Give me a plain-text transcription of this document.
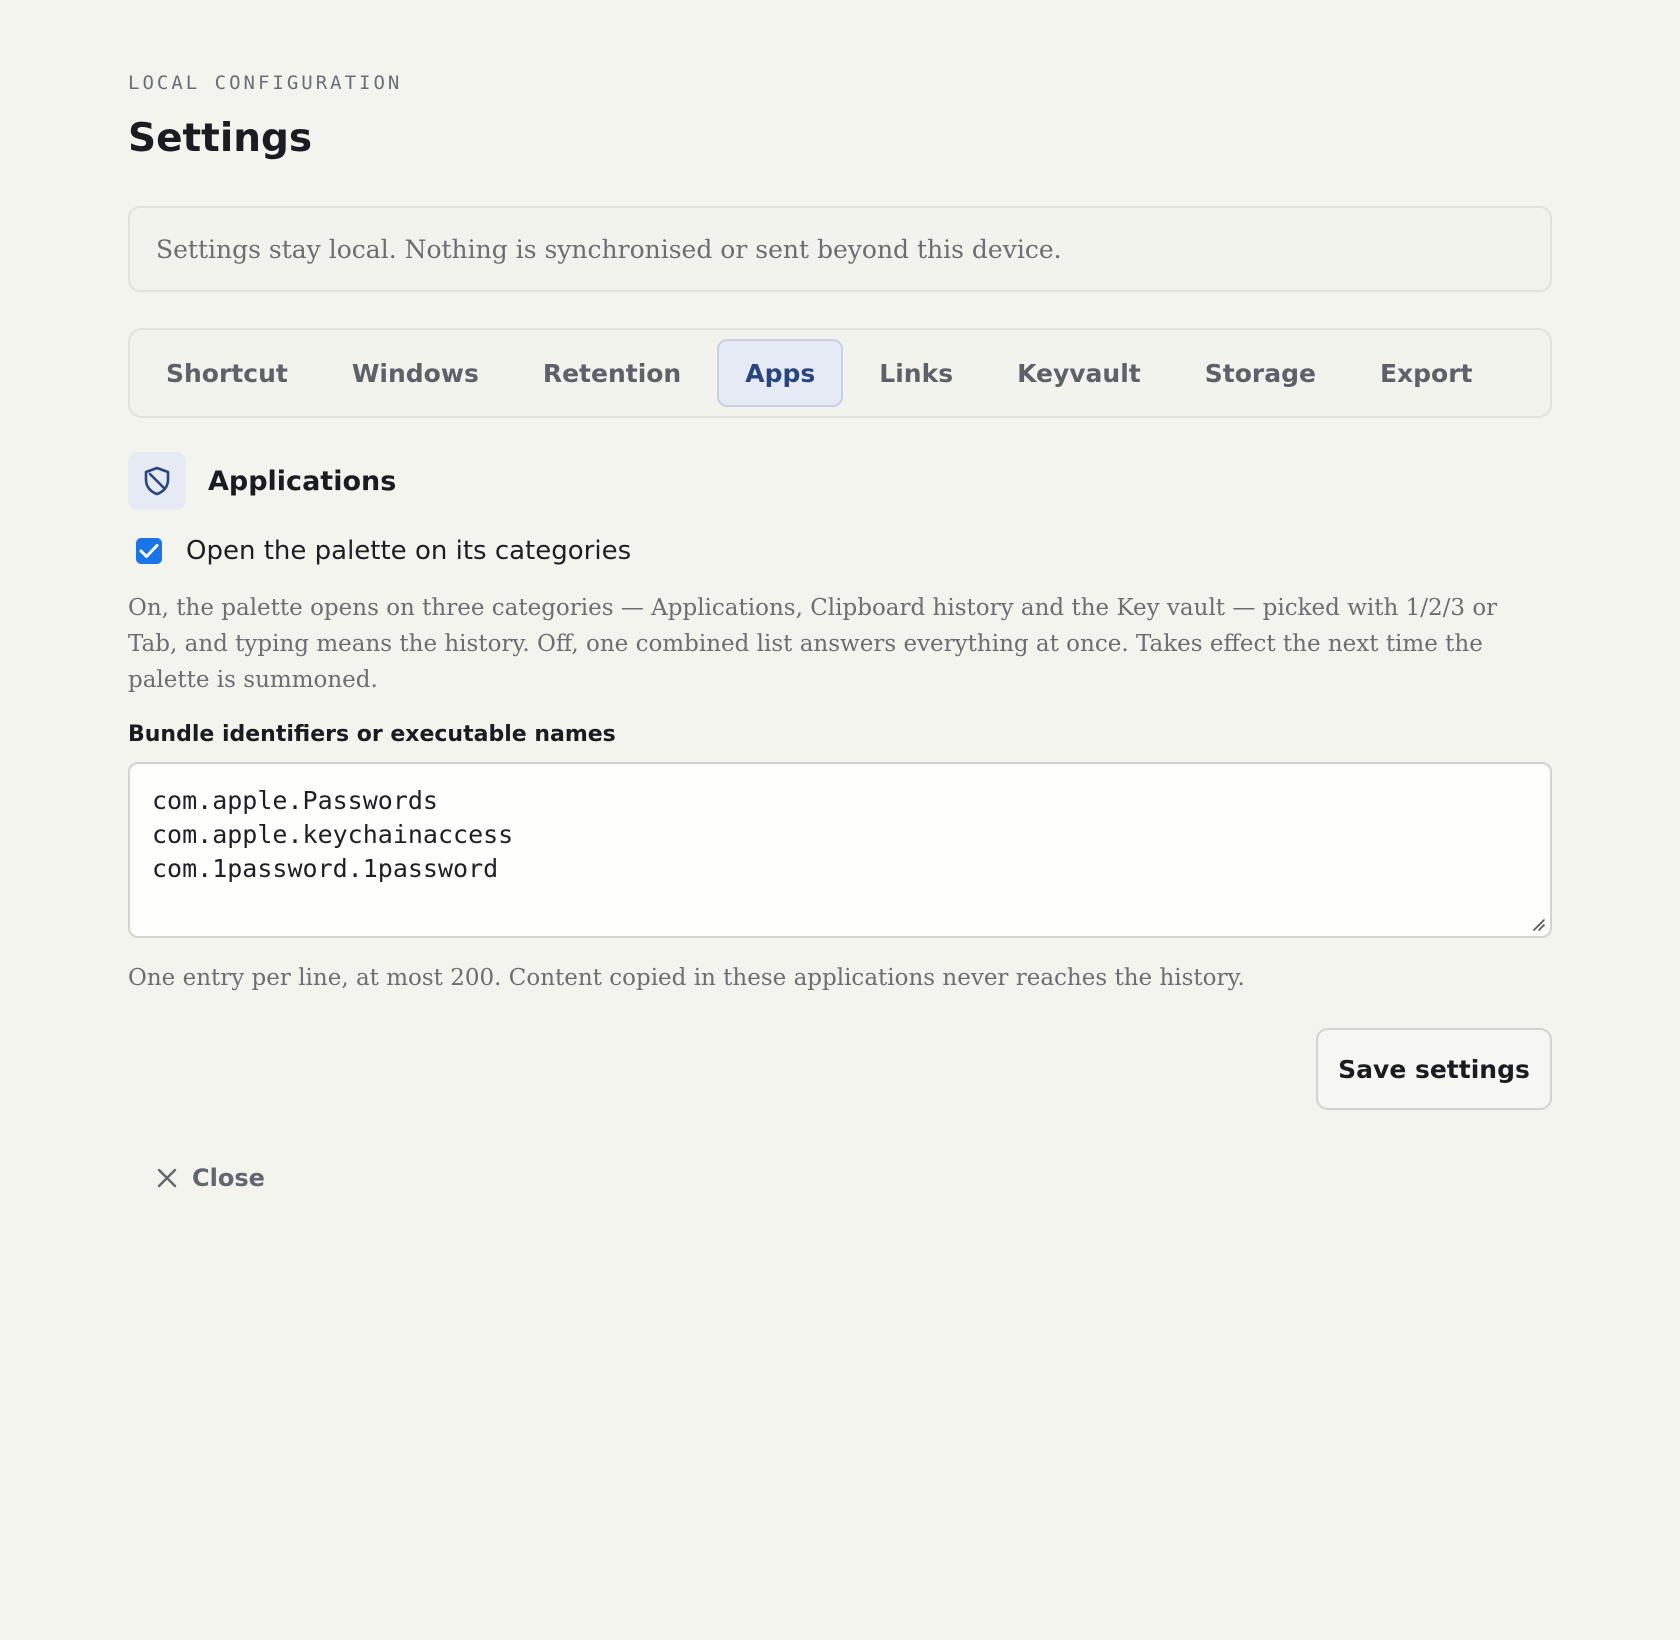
LOCAL CONFIGURATION
Settings
Settings stay local. Nothing is synchronised or sent beyond this device.
Shortcut	Windows	Retention	Apps	Links	Keyvault	Storage	Export
Applications
Open the palette on its categories
On, the palette opens on three categories — Applications, Clipboard history and the Key vault — picked with 1/2/3 or Tab, and typing means the history. Off, one combined list answers everything at once. Takes effect the next time the palette is summoned.
Bundle identifiers or executable names
com.apple.Passwords com.apple.keychainaccess com.1password.1password
One entry per line, at most 200. Content copied in these applications never reaches the history.
Save settings
Close
